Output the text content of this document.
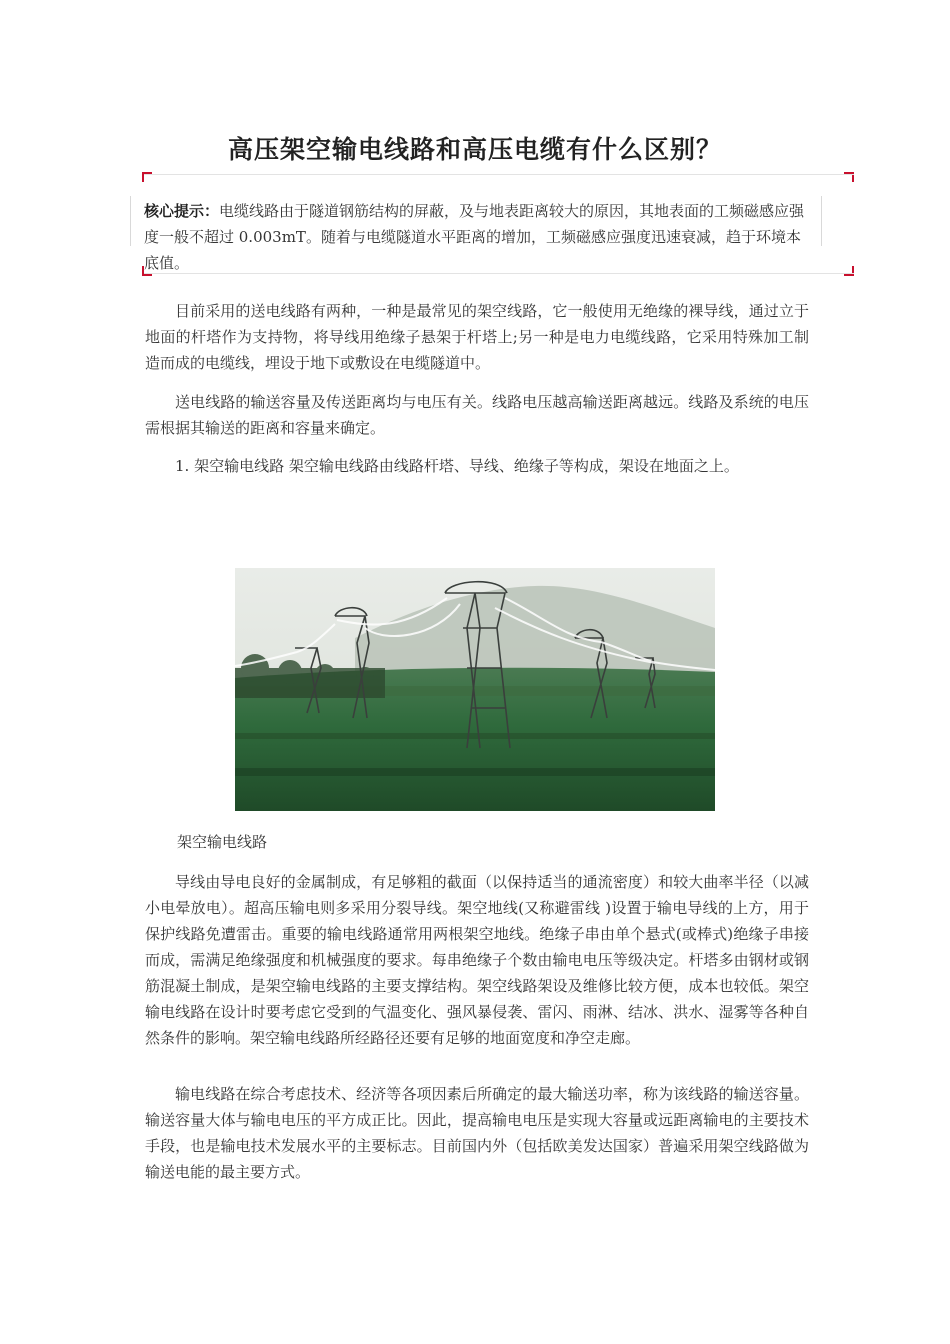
高压架空输电线路和高压电缆有什么区别？

核心提示：电缆线路由于隧道钢筋结构的屏蔽，及与地表距离较大的原因，其地表面的工频磁感应强度一般不超过 0.003mT。随着与电缆隧道水平距离的增加，工频磁感应强度迅速衰减，趋于环境本底值。

目前采用的送电线路有两种，一种是最常见的架空线路，它一般使用无绝缘的裸导线，通过立于地面的杆塔作为支持物，将导线用绝缘子悬架于杆塔上;另一种是电力电缆线路，它采用特殊加工制造而成的电缆线，埋设于地下或敷设在电缆隧道中。

送电线路的输送容量及传送距离均与电压有关。线路电压越高输送距离越远。线路及系统的电压需根据其输送的距离和容量来确定。

1. 架空输电线路 架空输电线路由线路杆塔、导线、绝缘子等构成，架设在地面之上。

架空输电线路

导线由导电良好的金属制成，有足够粗的截面（以保持适当的通流密度）和较大曲率半径（以减小电晕放电）。超高压输电则多采用分裂导线。架空地线(又称避雷线 )设置于输电导线的上方，用于保护线路免遭雷击。重要的输电线路通常用两根架空地线。绝缘子串由单个悬式(或棒式)绝缘子串接而成，需满足绝缘强度和机械强度的要求。每串绝缘子个数由输电电压等级决定。杆塔多由钢材或钢筋混凝土制成，是架空输电线路的主要支撑结构。架空线路架设及维修比较方便，成本也较低。架空输电线路在设计时要考虑它受到的气温变化、强风暴侵袭、雷闪、雨淋、结冰、洪水、湿雾等各种自然条件的影响。架空输电线路所经路径还要有足够的地面宽度和净空走廊。

输电线路在综合考虑技术、经济等各项因素后所确定的最大输送功率，称为该线路的输送容量。输送容量大体与输电电压的平方成正比。因此，提高输电电压是实现大容量或远距离输电的主要技术手段，也是输电技术发展水平的主要标志。目前国内外（包括欧美发达国家）普遍采用架空线路做为输送电能的最主要方式。
